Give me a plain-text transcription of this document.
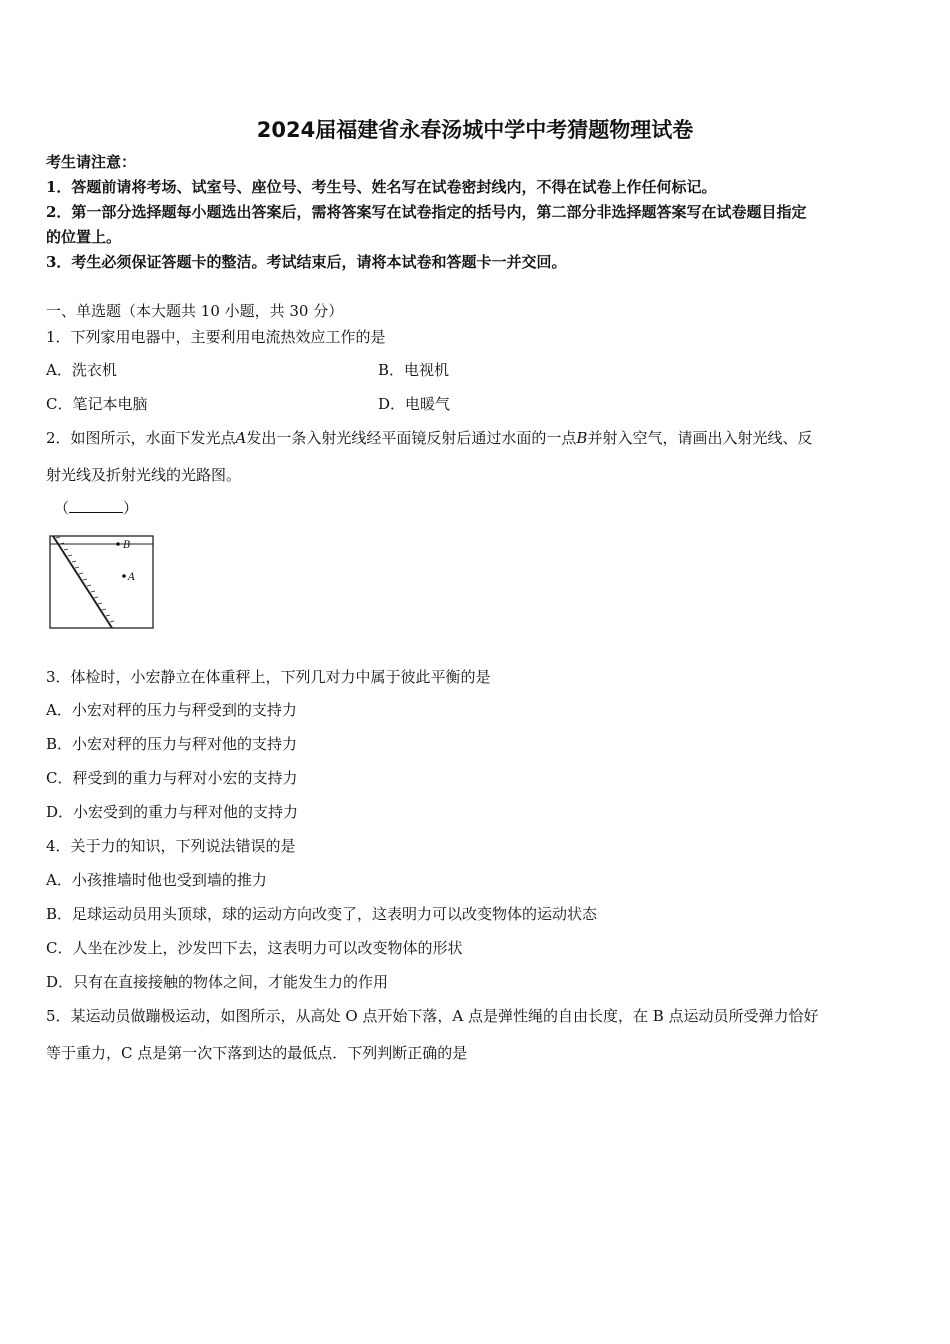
2024届福建省永春汤城中学中考猜题物理试卷
考生请注意：
1．答题前请将考场、试室号、座位号、考生号、姓名写在试卷密封线内，不得在试卷上作任何标记。
2．第一部分选择题每小题选出答案后，需将答案写在试卷指定的括号内，第二部分非选择题答案写在试卷题目指定
的位置上。
3．考生必须保证答题卡的整洁。考试结束后，请将本试卷和答题卡一并交回。
一、单选题（本大题共 10 小题，共 30 分）
1．下列家用电器中，主要利用电流热效应工作的是
A．洗衣机	B．电视机
C．笔记本电脑	D．电暖气
2．如图所示，水面下发光点A发出一条入射光线经平面镜反射后通过水面的一点B并射入空气，请画出入射光线、反
射光线及折射光线的光路图。
（	）
B
A
3．体检时，小宏静立在体重秤上，下列几对力中属于彼此平衡的是
A．小宏对秤的压力与秤受到的支持力
B．小宏对秤的压力与秤对他的支持力
C．秤受到的重力与秤对小宏的支持力
D．小宏受到的重力与秤对他的支持力
4．关于力的知识，下列说法错误的是
A．小孩推墙时他也受到墙的推力
B．足球运动员用头顶球，球的运动方向改变了，这表明力可以改变物体的运动状态
C．人坐在沙发上，沙发凹下去，这表明力可以改变物体的形状
D．只有在直接接触的物体之间，才能发生力的作用
5．某运动员做蹦极运动，如图所示，从高处 O 点开始下落，A 点是弹性绳的自由长度，在 B 点运动员所受弹力恰好
等于重力，C 点是第一次下落到达的最低点．下列判断正确的是
